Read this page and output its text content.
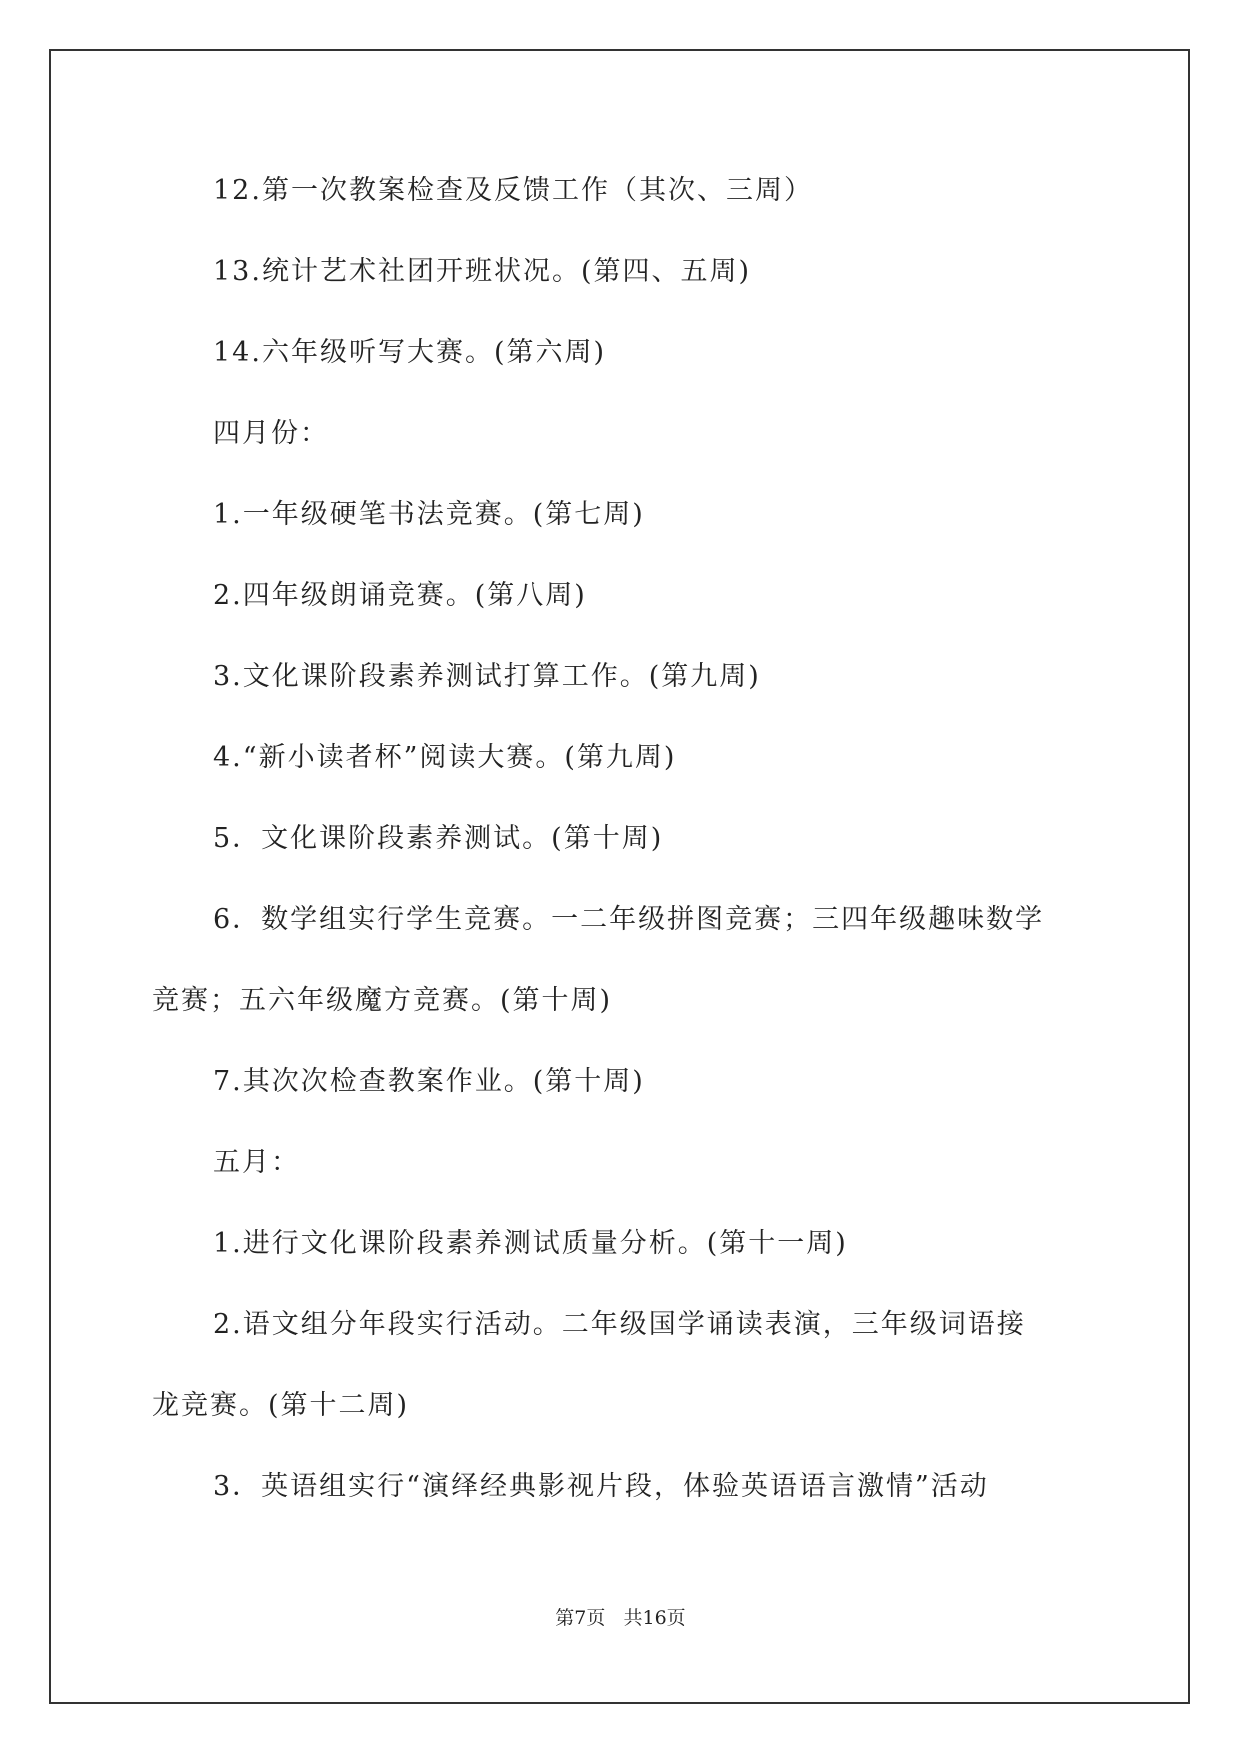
12.第一次教案检查及反馈工作（其次、三周）
13.统计艺术社团开班状况。(第四、五周)
14.六年级听写大赛。(第六周)
四月份：
1.一年级硬笔书法竞赛。(第七周)
2.四年级朗诵竞赛。(第八周)
3.文化课阶段素养测试打算工作。(第九周)
4.“新小读者杯”阅读大赛。(第九周)
5．文化课阶段素养测试。(第十周)
6．数学组实行学生竞赛。一二年级拼图竞赛；三四年级趣味数学
竞赛；五六年级魔方竞赛。(第十周)
7.其次次检查教案作业。(第十周)
五月：
1.进行文化课阶段素养测试质量分析。(第十一周)
2.语文组分年段实行活动。二年级国学诵读表演，三年级词语接
龙竞赛。(第十二周)
3．英语组实行“演绎经典影视片段，体验英语语言激情”活动
第7页   共16页
